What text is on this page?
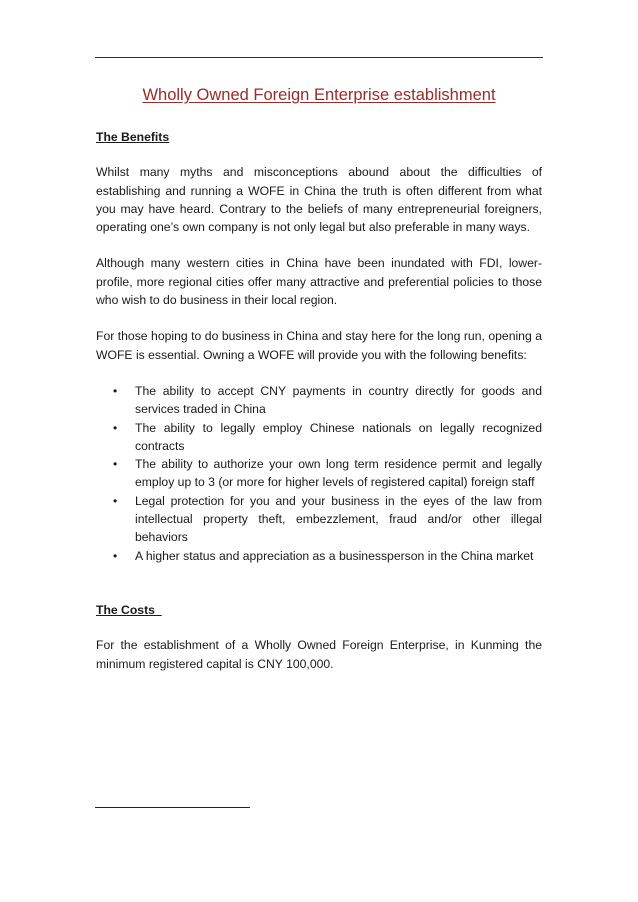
Wholly Owned Foreign Enterprise establishment
The Benefits

Whilst many myths and misconceptions abound about the difficulties of establishing and running a WOFE in China the truth is often different from what you may have heard. Contrary to the beliefs of many entrepreneurial foreigners, operating one’s own company is not only legal but also preferable in many ways.

Although many western cities in China have been inundated with FDI, lower-profile, more regional cities offer many attractive and preferential policies to those who wish to do business in their local region.

For those hoping to do business in China and stay here for the long run, opening a WOFE is essential. Owning a WOFE will provide you with the following benefits:

• The ability to accept CNY payments in country directly for goods and services traded in China
• The ability to legally employ Chinese nationals on legally recognized contracts
• The ability to authorize your own long term residence permit and legally employ up to 3 (or more for higher levels of registered capital) foreign staff
• Legal protection for you and your business in the eyes of the law from intellectual property theft, embezzlement, fraud and/or other illegal behaviors
• A higher status and appreciation as a businessperson in the China market
The Costs

For the establishment of a Wholly Owned Foreign Enterprise, in Kunming the minimum registered capital is CNY 100,000.
